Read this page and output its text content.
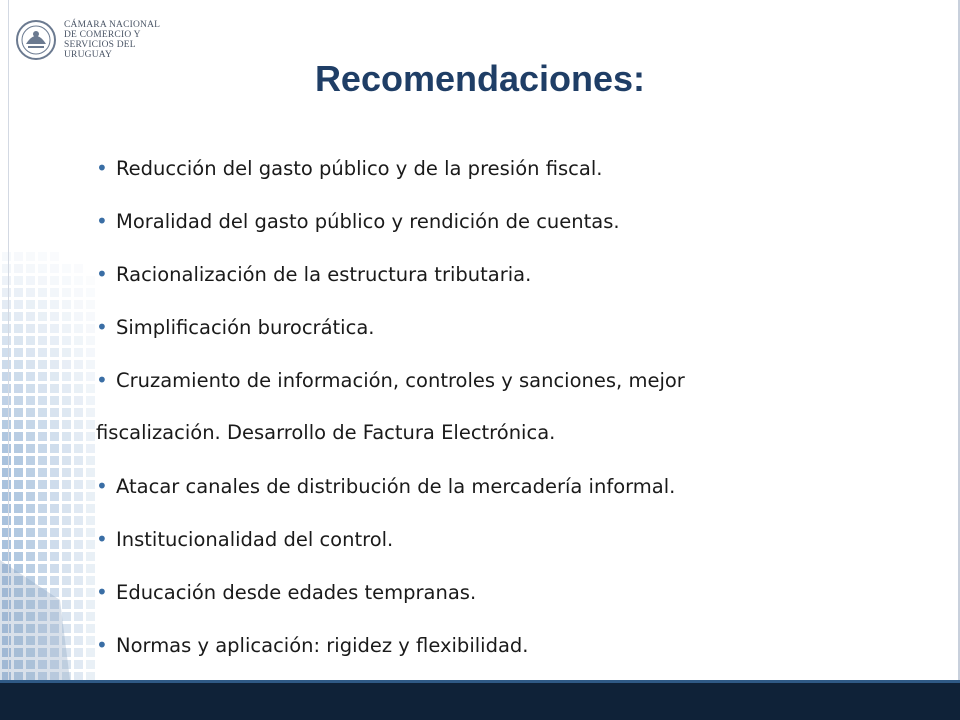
CÁMARA NACIONAL
DE COMERCIO Y
SERVICIOS DEL
URUGUAY
Recomendaciones:
• Reducción del gasto público y de la presión fiscal.
• Moralidad del gasto público y rendición de cuentas.
• Racionalización de la estructura tributaria.
• Simplificación burocrática.
• Cruzamiento de información, controles y sanciones, mejor
fiscalización. Desarrollo de Factura Electrónica.
• Atacar canales de distribución de la mercadería informal.
• Institucionalidad del control.
• Educación desde edades tempranas.
• Normas y aplicación: rigidez y flexibilidad.
